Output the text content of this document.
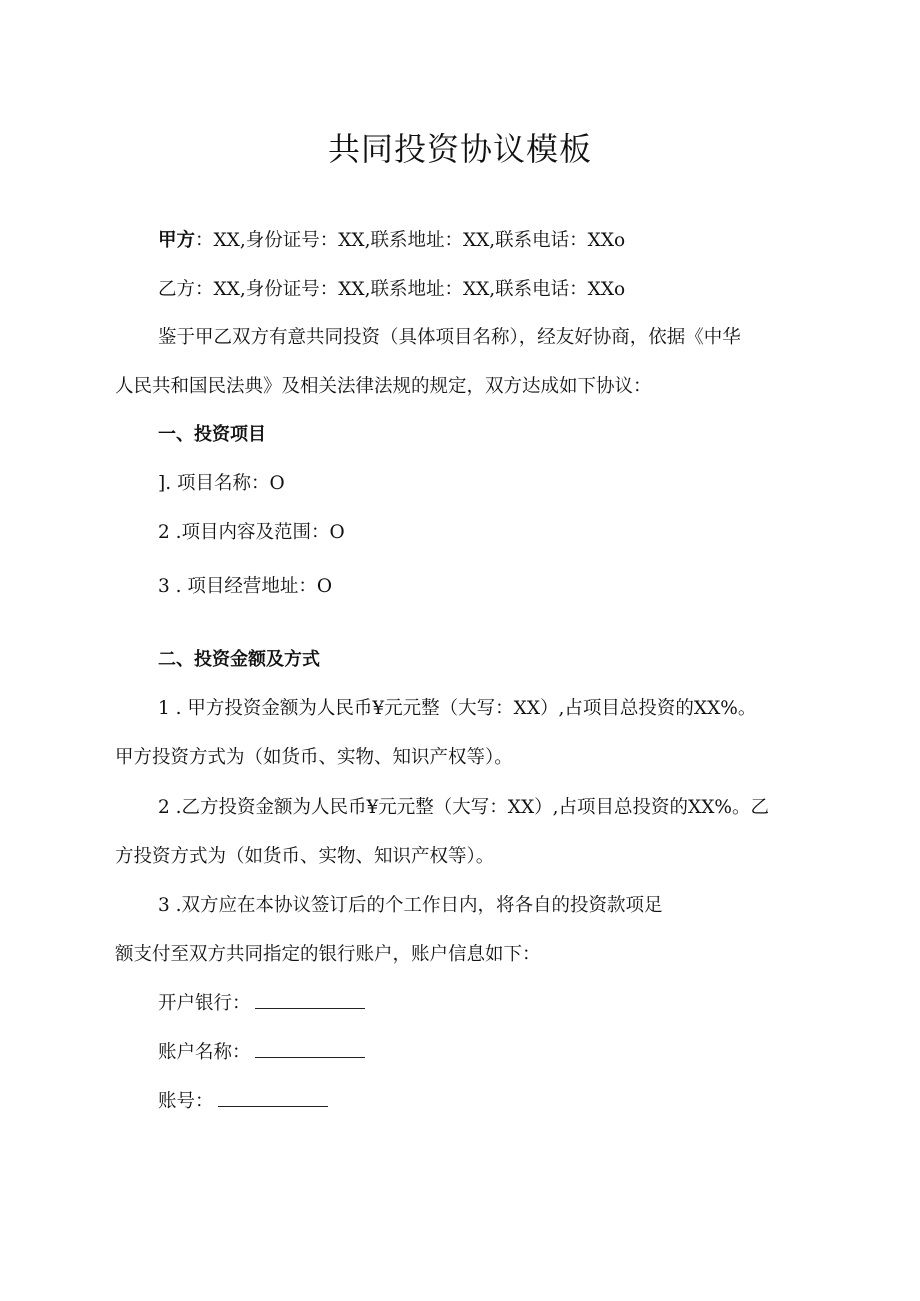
共同投资协议模板
甲方：XX,身份证号：XX,联系地址：XX,联系电话：XXo
乙方：XX,身份证号：XX,联系地址：XX,联系电话：XXo
鉴于甲乙双方有意共同投资（具体项目名称），经友好协商，依据《中华
人民共和国民法典》及相关法律法规的规定，双方达成如下协议：
一、投资项目
]. 项目名称：O
2 .项目内容及范围：O
3 . 项目经营地址：O
二、投资金额及方式
1 . 甲方投资金额为人民币¥元元整（大写：XX）,占项目总投资的XX%。
甲方投资方式为（如货币、实物、知识产权等）。
2 .乙方投资金额为人民币¥元元整（大写：XX）,占项目总投资的XX%。乙
方投资方式为（如货币、实物、知识产权等）。
3 .双方应在本协议签订后的个工作日内，将各自的投资款项足
额支付至双方共同指定的银行账户，账户信息如下：
开户银行：
账户名称：
账号：
